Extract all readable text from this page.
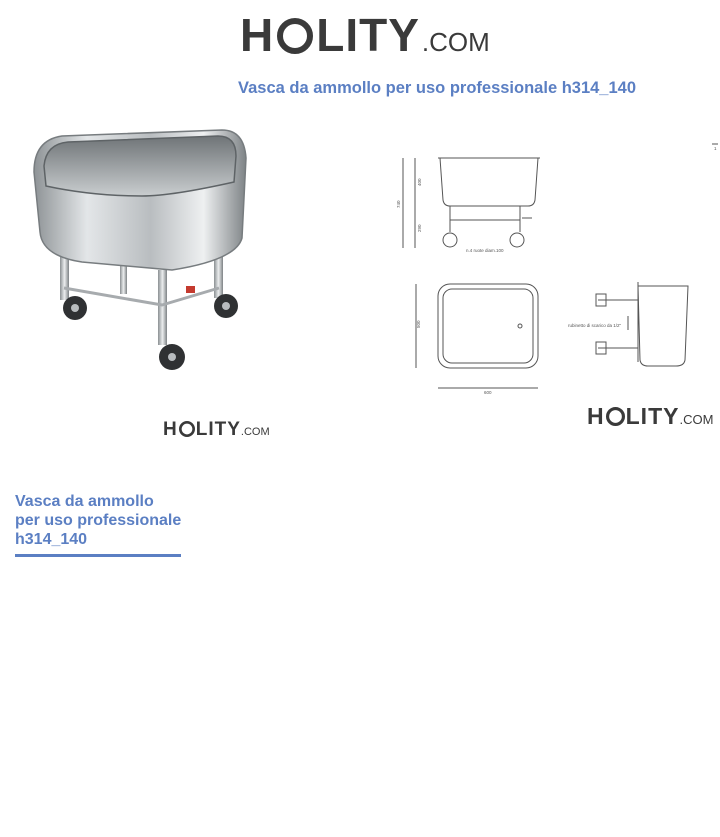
H LITY .COM
Vasca da ammollo per uso professionale h314_140
740
400
290
n.4 ruote diam.100
500
600
rubinetto di scarico da 1/2"
1
H LITY .COM
H LITY .COM
Vasca da ammollo
per uso professionale
h314_140
